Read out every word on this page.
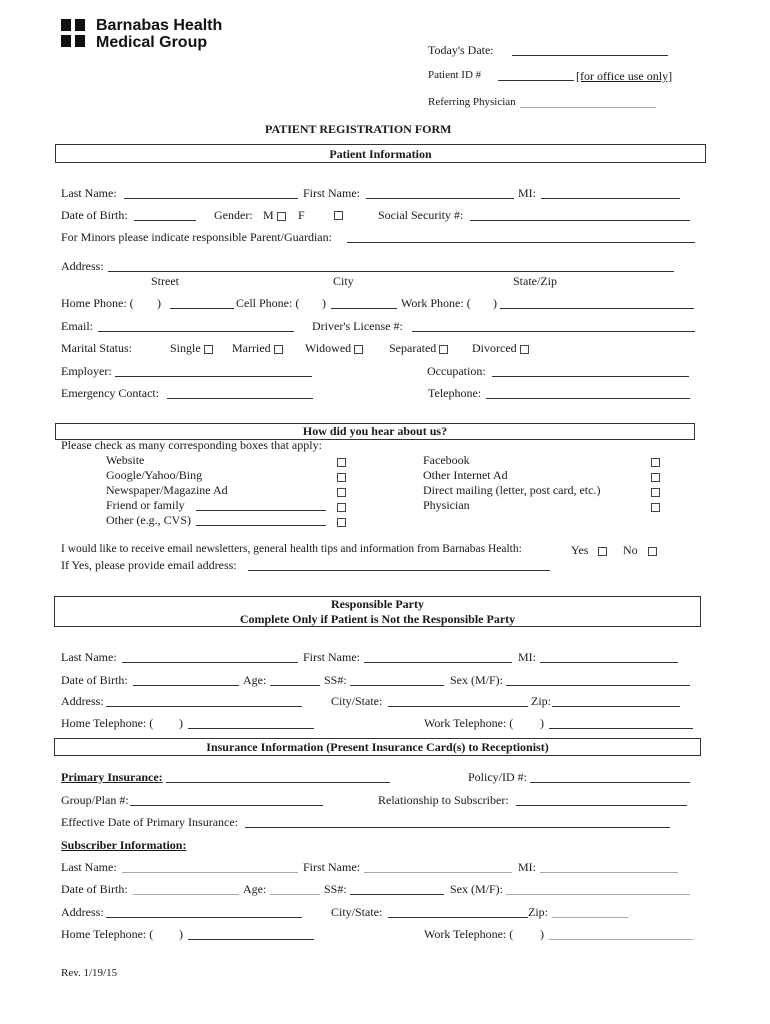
Barnabas Health
Medical Group	Today's Date:
Patient ID #	[for office use only]
Referring Physician
PATIENT REGISTRATION FORM
Patient Information
Last Name:	First Name:	MI:
Date of Birth:	Gender: M	F	Social Security #:
For Minors please indicate responsible Parent/Guardian:
Address:
Street	City	State/Zip
Home Phone: ( )	Cell Phone: ( )	Work Phone: ( )
Email:	Driver's License #:
Marital Status:	Single	Married	Widowed	Separated	Divorced
Employer:	Occupation:
Emergency Contact:	Telephone:
How did you hear about us?
Please check as many corresponding boxes that apply:
Website
Google/Yahoo/Bing
Newspaper/Magazine Ad
Friend or family
Other (e.g., CVS)
Facebook
Other Internet Ad
Direct mailing (letter, post card, etc.)
Physician
I would like to receive email newsletters, general health tips and information from Barnabas Health:	Yes	No
If Yes, please provide email address:
Responsible Party
Complete Only if Patient is Not the Responsible Party
Last Name:	First Name:	MI:
Date of Birth:	Age:	SS#:	Sex (M/F):
Address:	City/State:	Zip:
Home Telephone: ( )	Work Telephone: ( )
Insurance Information (Present Insurance Card(s) to Receptionist)
Primary Insurance:	Policy/ID #:
Group/Plan #:	Relationship to Subscriber:
Effective Date of Primary Insurance:
Subscriber Information:
Last Name:	First Name:	MI:
Date of Birth:	Age:	SS#:	Sex (M/F):
Address:	City/State:	Zip:
Home Telephone: ( )	Work Telephone: ( )
Rev. 1/19/15
